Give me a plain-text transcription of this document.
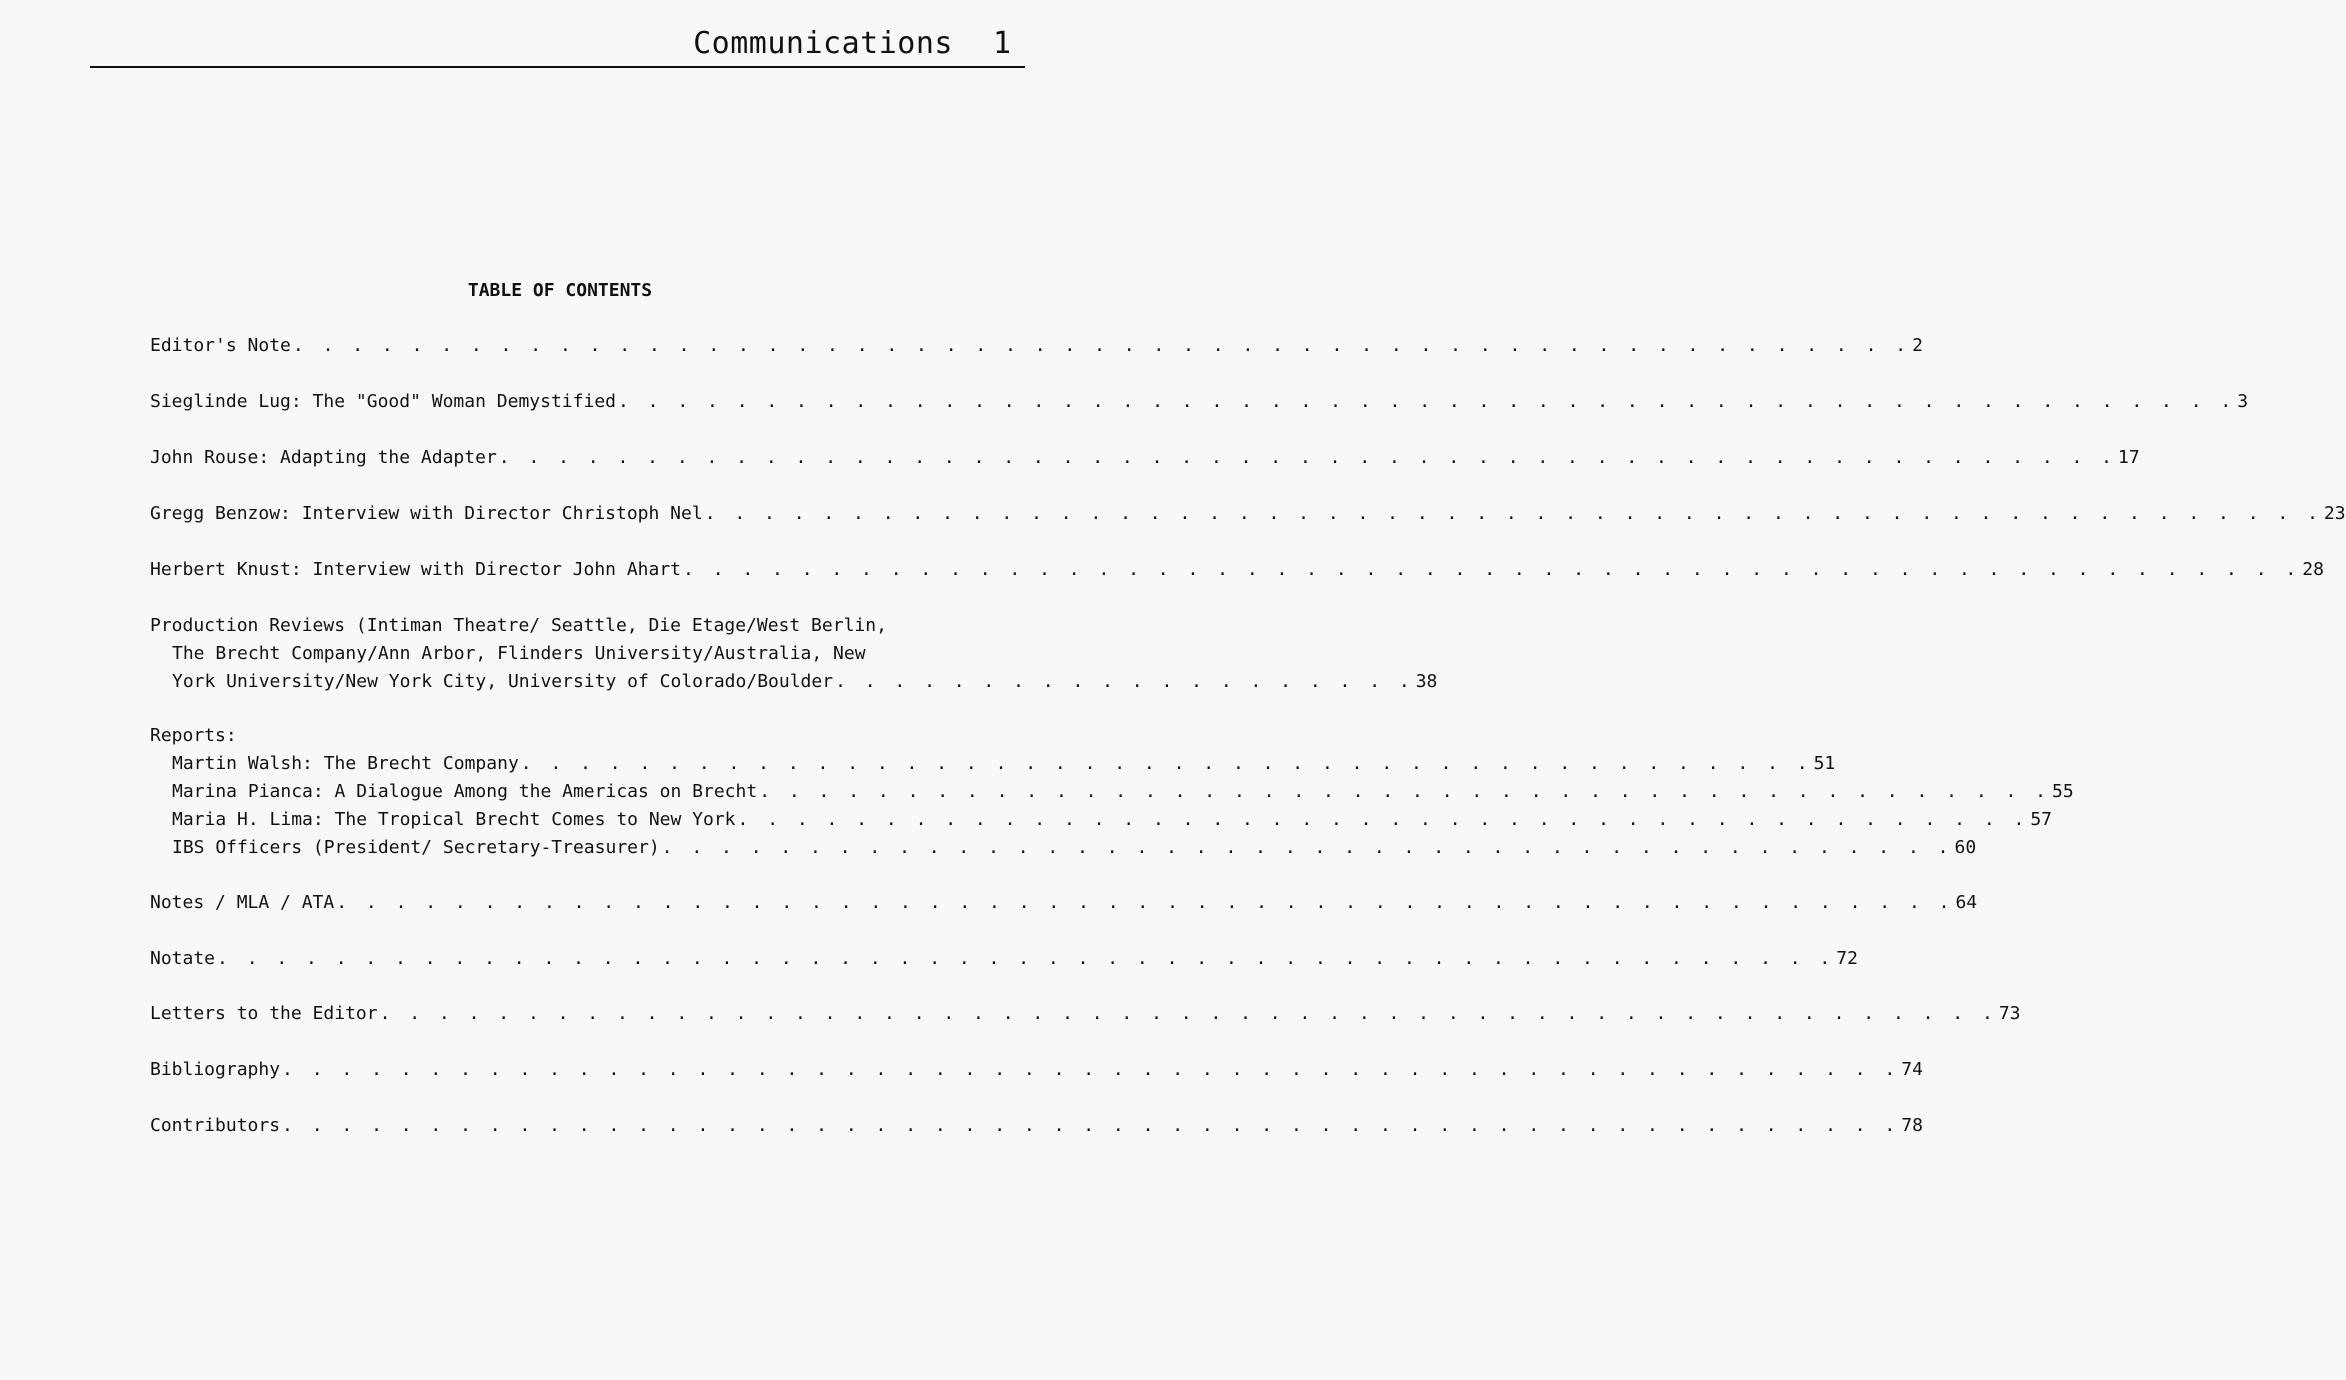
Communications 1
TABLE OF CONTENTS
Editor's Note . . . . . . . . . . . . . . . . . . . . . . . . . . . . . . . . . . . . . . . . . . . . . . . . . . . . . . . 2
Sieglinde Lug: The "Good" Woman Demystified . . . . . . . . . . . . . . . . . . . . . . . . . . . . . . . . . . . . . . . . . . . . . . . . . . . . . . . 3
John Rouse: Adapting the Adapter . . . . . . . . . . . . . . . . . . . . . . . . . . . . . . . . . . . . . . . . . . . . . . . . . . . . . . . 17
Gregg Benzow: Interview with Director Christoph Nel . . . . . . . . . . . . . . . . . . . . . . . . . . . . . . . . . . . . . . . . . . . . . . . . . . . . . . . 23
Herbert Knust: Interview with Director John Ahart . . . . . . . . . . . . . . . . . . . . . . . . . . . . . . . . . . . . . . . . . . . . . . . . . . . . . . . 28
Production Reviews (Intiman Theatre/ Seattle, Die Etage/West Berlin,
The Brecht Company/Ann Arbor, Flinders University/Australia, New
York University/New York City, University of Colorado/Boulder . . . . . . . . . . . . . . . . . . . . 38
Reports:
Martin Walsh: The Brecht Company . . . . . . . . . . . . . . . . . . . . . . . . . . . . . . . . . . . . . . . . . . . . 51
Marina Pianca: A Dialogue Among the Americas on Brecht . . . . . . . . . . . . . . . . . . . . . . . . . . . . . . . . . . . . . . . . . . . . 55
Maria H. Lima: The Tropical Brecht Comes to New York . . . . . . . . . . . . . . . . . . . . . . . . . . . . . . . . . . . . . . . . . . . . 57
IBS Officers (President/ Secretary-Treasurer) . . . . . . . . . . . . . . . . . . . . . . . . . . . . . . . . . . . . . . . . . . . . 60
Notes / MLA / ATA . . . . . . . . . . . . . . . . . . . . . . . . . . . . . . . . . . . . . . . . . . . . . . . . . . . . . . . 64
Notate . . . . . . . . . . . . . . . . . . . . . . . . . . . . . . . . . . . . . . . . . . . . . . . . . . . . . . . 72
Letters to the Editor . . . . . . . . . . . . . . . . . . . . . . . . . . . . . . . . . . . . . . . . . . . . . . . . . . . . . . . 73
Bibliography . . . . . . . . . . . . . . . . . . . . . . . . . . . . . . . . . . . . . . . . . . . . . . . . . . . . . . . 74
Contributors . . . . . . . . . . . . . . . . . . . . . . . . . . . . . . . . . . . . . . . . . . . . . . . . . . . . . . . 78
